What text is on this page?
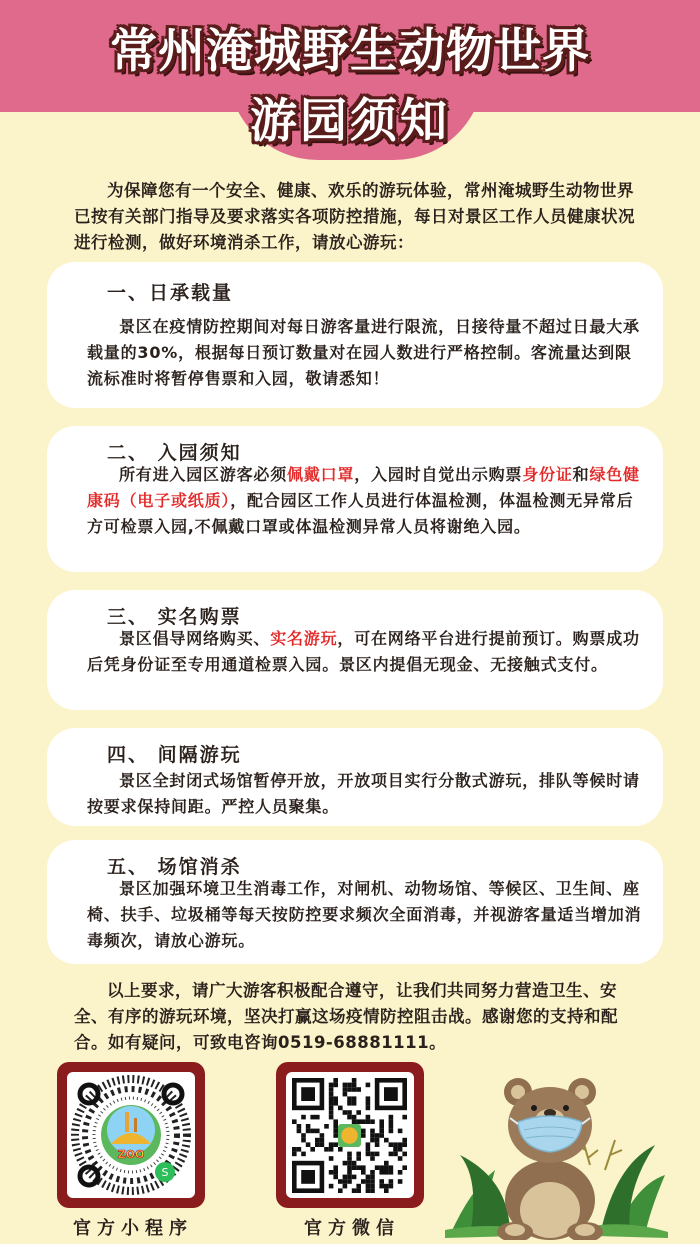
常州淹城野生动物世界
游园须知
为保障您有一个安全、健康、欢乐的游玩体验，常州淹城野生动物世界已按有关部门指导及要求落实各项防控措施，每日对景区工作人员健康状况进行检测，做好环境消杀工作，请放心游玩：
一、日承载量
景区在疫情防控期间对每日游客量进行限流，日接待量不超过日最大承载量的30%，根据每日预订数量对在园人数进行严格控制。客流量达到限流标准时将暂停售票和入园，敬请悉知！
二、 入园须知
所有进入园区游客必须佩戴口罩，入园时自觉出示购票身份证和绿色健康码（电子或纸质），配合园区工作人员进行体温检测，体温检测无异常后方可检票入园,不佩戴口罩或体温检测异常人员将谢绝入园。
三、 实名购票
景区倡导网络购买、实名游玩，可在网络平台进行提前预订。购票成功后凭身份证至专用通道检票入园。景区内提倡无现金、无接触式支付。
四、 间隔游玩
景区全封闭式场馆暂停开放，开放项目实行分散式游玩，排队等候时请按要求保持间距。严控人员聚集。
五、 场馆消杀
景区加强环境卫生消毒工作，对闸机、动物场馆、等候区、卫生间、座椅、扶手、垃圾桶等每天按防控要求频次全面消毒，并视游客量适当增加消毒频次，请放心游玩。
以上要求，请广大游客积极配合遵守，让我们共同努力营造卫生、安全、有序的游玩环境，坚决打赢这场疫情防控阻击战。感谢您的支持和配合。如有疑问，可致电咨询0519-68881111。
ZOO
S
官方小程序	官方微信
